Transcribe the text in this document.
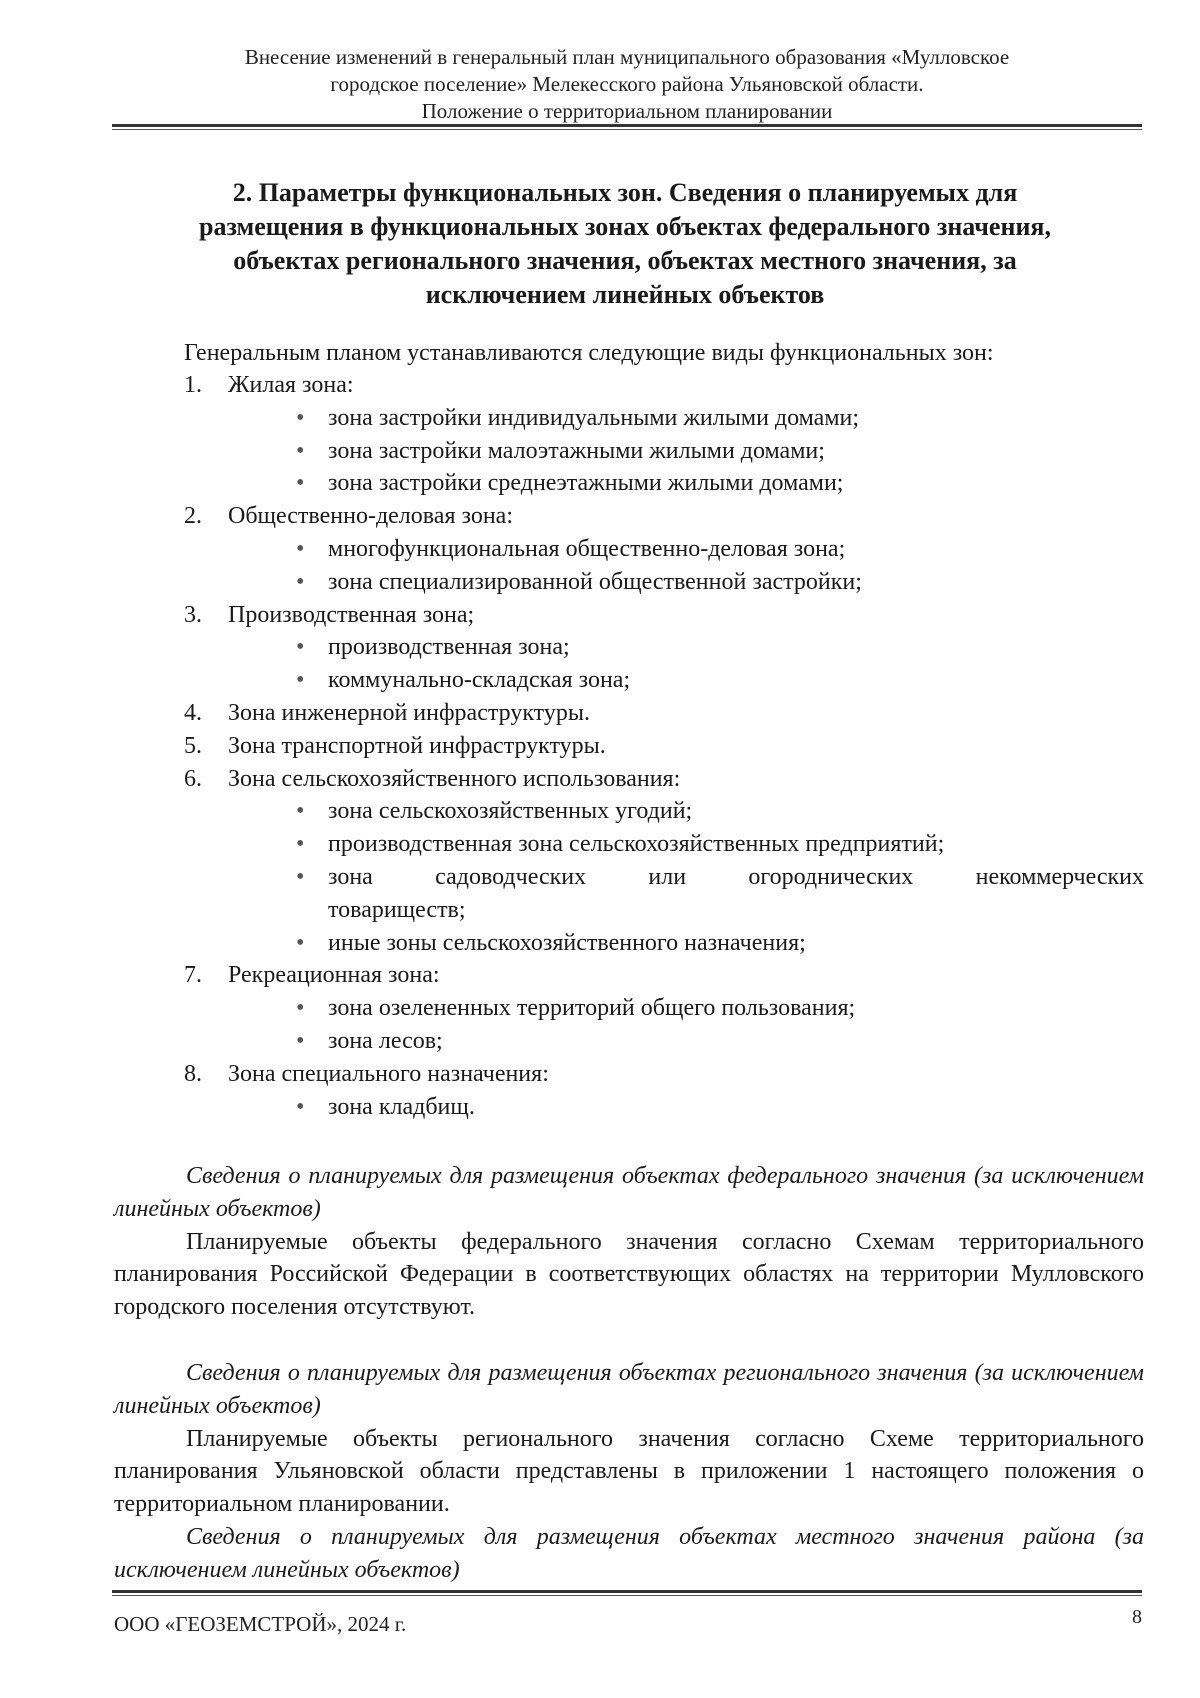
Внесение изменений в генеральный план муниципального образования «Мулловское
городское поселение» Мелекесского района Ульяновской области.
Положение о территориальном планировании
2. Параметры функциональных зон. Сведения о планируемых для размещения в функциональных зонах объектах федерального значения, объектах регионального значения, объектах местного значения, за исключением линейных объектов
Генеральным планом устанавливаются следующие виды функциональных зон:
1.	Жилая зона:
• зона застройки индивидуальными жилыми домами;
• зона застройки малоэтажными жилыми домами;
• зона застройки среднеэтажными жилыми домами;
2.	Общественно-деловая зона:
• многофункциональная общественно-деловая зона;
• зона специализированной общественной застройки;
3.	Производственная зона;
• производственная зона;
• коммунально-складская зона;
4.	Зона инженерной инфраструктуры.
5.	Зона транспортной инфраструктуры.
6.	Зона сельскохозяйственного использования:
• зона сельскохозяйственных угодий;
• производственная зона сельскохозяйственных предприятий;
• зона садоводческих или огороднических некоммерческих
товариществ;
• иные зоны сельскохозяйственного назначения;
7.	Рекреационная зона:
• зона озелененных территорий общего пользования;
• зона лесов;
8.	Зона специального назначения:
• зона кладбищ.
Сведения о планируемых для размещения объектах федерального значения (за исключением линейных объектов)
Планируемые объекты федерального значения согласно Схемам территориального планирования Российской Федерации в соответствующих областях на территории Мулловского городского поселения отсутствуют.
Сведения о планируемых для размещения объектах регионального значения (за исключением линейных объектов)
Планируемые объекты регионального значения согласно Схеме территориального планирования Ульяновской области представлены в приложении 1 настоящего положения о территориальном планировании.
Сведения о планируемых для размещения объектах местного значения района (за исключением линейных объектов)
ООО «ГЕОЗЕМСТРОЙ», 2024 г.	8
